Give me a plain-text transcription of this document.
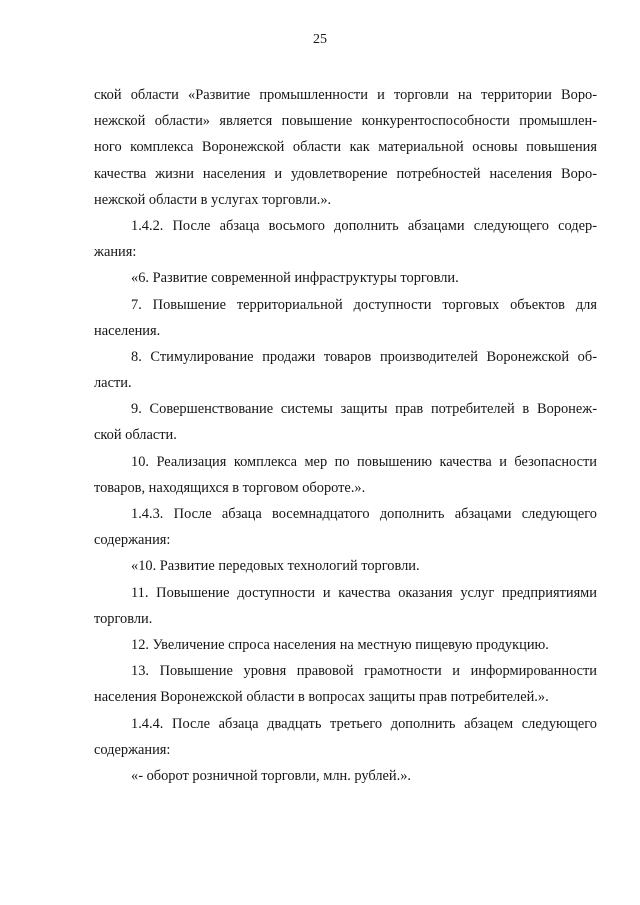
25
ской области «Развитие промышленности и торговли на территории Воро-
нежской области» является повышение конкурентоспособности промышлен-
ного комплекса Воронежской области как материальной основы повышения
качества жизни населения и удовлетворение потребностей населения Воро-
нежской области в услугах торговли.».
1.4.2. После абзаца восьмого дополнить абзацами следующего содер-
жания:
«6. Развитие современной инфраструктуры торговли.
7. Повышение территориальной доступности торговых объектов для
населения.
8. Стимулирование продажи товаров производителей Воронежской об-
ласти.
9. Совершенствование системы защиты прав потребителей в Воронеж-
ской области.
10. Реализация комплекса мер по повышению качества и безопасности
товаров, находящихся в торговом обороте.».
1.4.3. После абзаца восемнадцатого дополнить абзацами следующего
содержания:
«10. Развитие передовых технологий торговли.
11. Повышение доступности и качества оказания услуг предприятиями
торговли.
12. Увеличение спроса населения на местную пищевую продукцию.
13. Повышение уровня правовой грамотности и информированности
населения Воронежской области в вопросах защиты прав потребителей.».
1.4.4. После абзаца двадцать третьего дополнить абзацем следующего
содержания:
«- оборот розничной торговли, млн. рублей.».
